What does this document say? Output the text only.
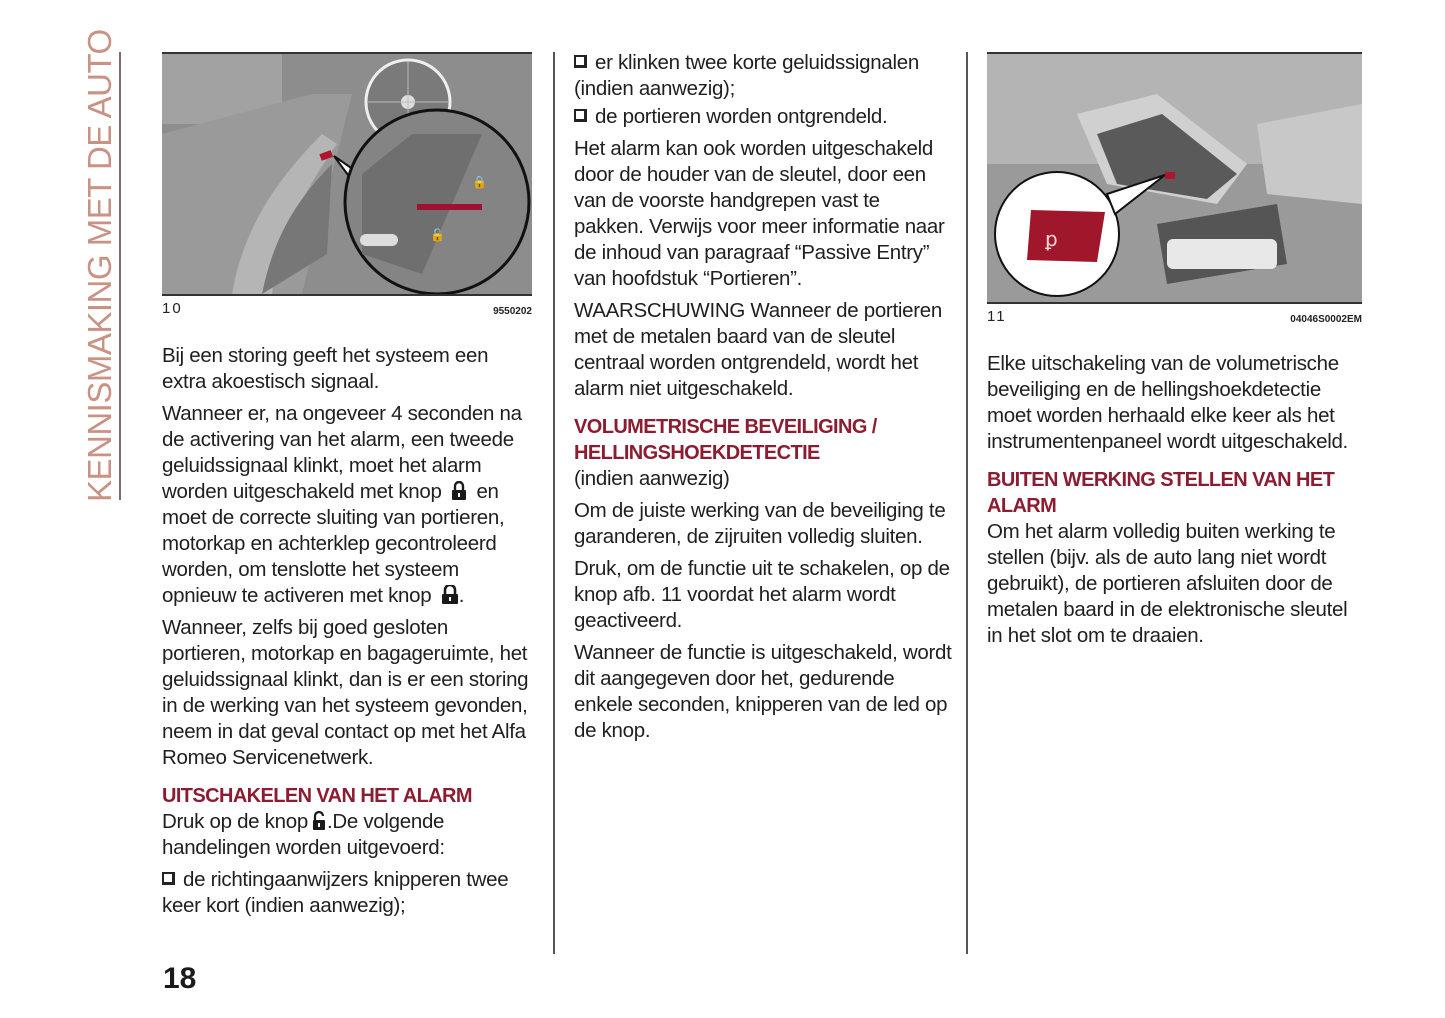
KENNISMAKING MET DE AUTO	🔒
🔓
10	9550202

Bij een storing geeft het systeem een extra akoestisch signaal.

Wanneer er, na ongeveer 4 seconden na de activering van het alarm, een tweede geluidssignaal klinkt, moet het alarm worden uitgeschakeld met knop en moet de correcte sluiting van portieren, motorkap en achterklep gecontroleerd worden, om tenslotte het systeem opnieuw te activeren met knop .

Wanneer, zelfs bij goed gesloten portieren, motorkap en bagageruimte, het geluidssignaal klinkt, dan is er een storing in de werking van het systeem gevonden, neem in dat geval contact op met het Alfa Romeo Servicenetwerk.

UITSCHAKELEN VAN HET ALARM

Druk op de knop .De volgende handelingen worden uitgevoerd:

de richtingaanwijzers knipperen twee keer kort (indien aanwezig);

er klinken twee korte geluidssignalen (indien aanwezig);

de portieren worden ontgrendeld.

Het alarm kan ook worden uitgeschakeld door de houder van de sleutel, door een van de voorste handgrepen vast te pakken. Verwijs voor meer informatie naar de inhoud van paragraaf “Passive Entry” van hoofdstuk “Portieren”.

WAARSCHUWING Wanneer de portieren met de metalen baard van de sleutel centraal worden ontgrendeld, wordt het alarm niet uitgeschakeld.

VOLUMETRISCHE BEVEILIGING / HELLINGSHOEKDETECTIE

(indien aanwezig)

Om de juiste werking van de beveiliging te garanderen, de zijruiten volledig sluiten.

Druk, om de functie uit te schakelen, op de knop afb. 11 voordat het alarm wordt geactiveerd.

Wanneer de functie is uitgeschakeld, wordt dit aangegeven door het, gedurende enkele seconden, knipperen van de led op de knop.

ꝑ
11	04046S0002EM

Elke uitschakeling van de volumetrische beveiliging en de hellingshoekdetectie moet worden herhaald elke keer als het instrumentenpaneel wordt uitgeschakeld.

BUITEN WERKING STELLEN VAN HET ALARM

Om het alarm volledig buiten werking te stellen (bijv. als de auto lang niet wordt gebruikt), de portieren afsluiten door de metalen baard in de elektronische sleutel in het slot om te draaien.

18
